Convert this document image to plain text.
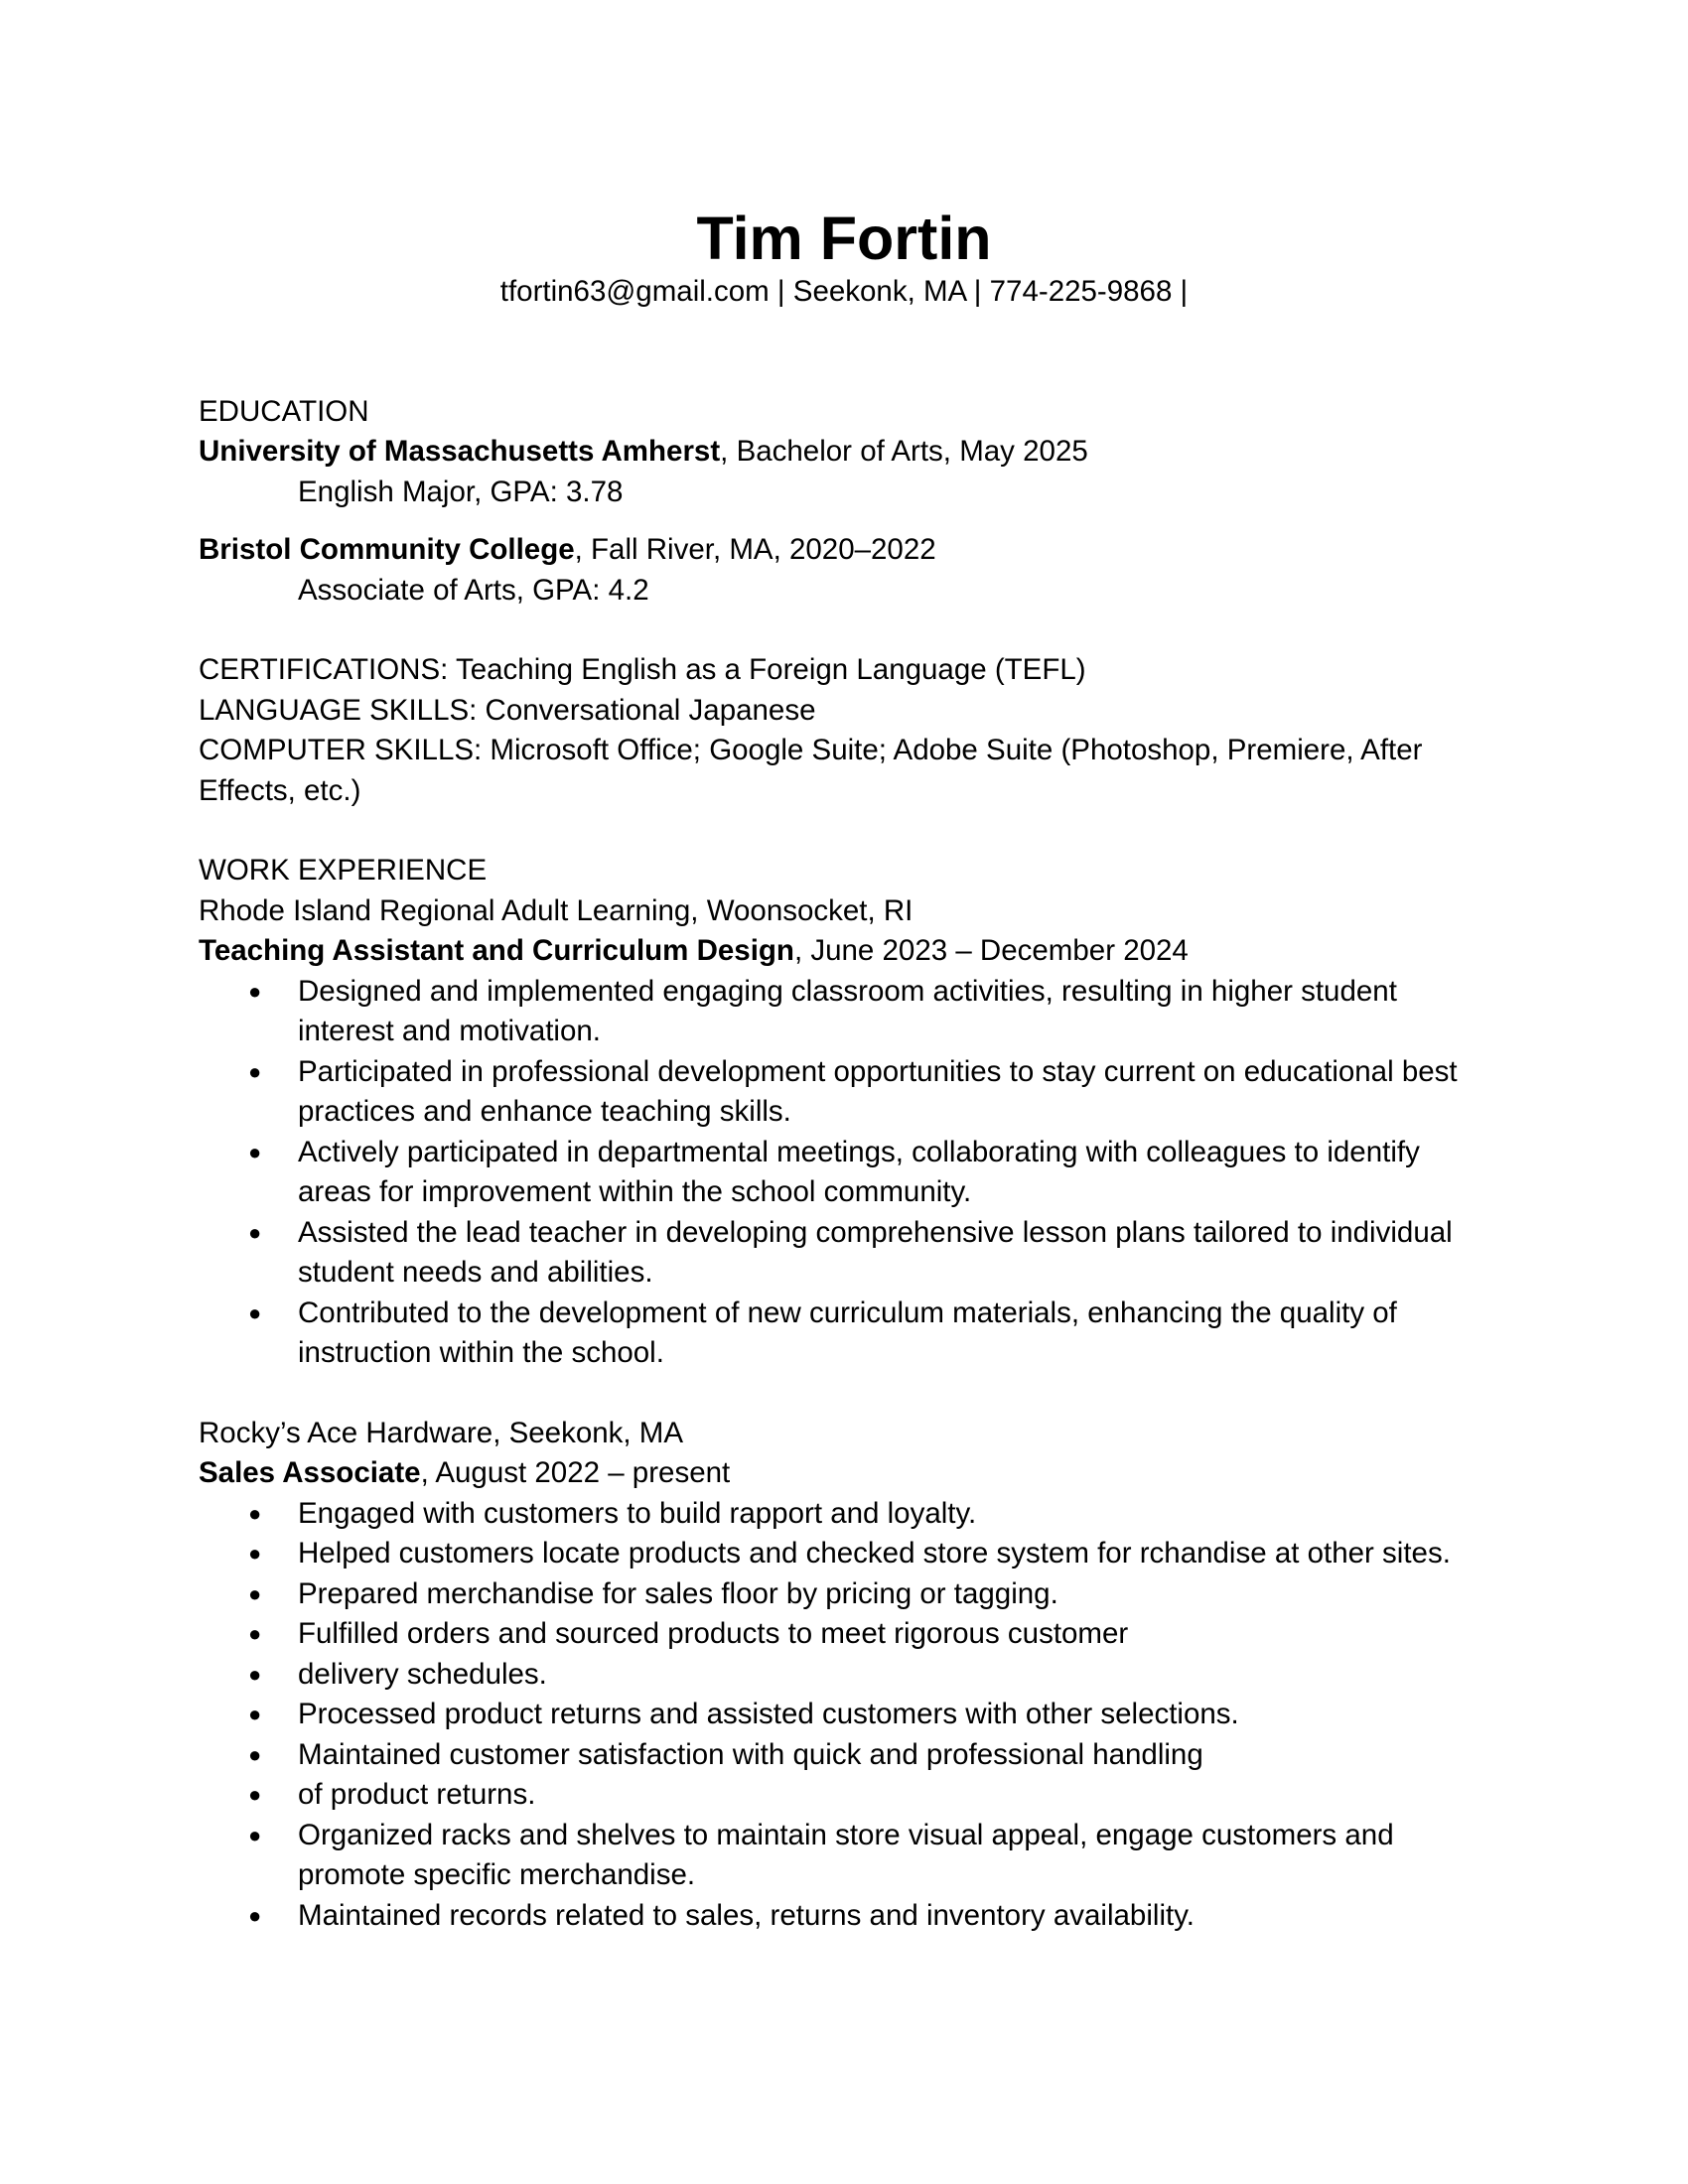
Tim Fortin
tfortin63@gmail.com | Seekonk, MA | 774-225-9868 |
EDUCATION
University of Massachusetts Amherst, Bachelor of Arts, May 2025
English Major, GPA: 3.78
Bristol Community College, Fall River, MA, 2020–2022
Associate of Arts, GPA: 4.2
CERTIFICATIONS: Teaching English as a Foreign Language (TEFL)
LANGUAGE SKILLS: Conversational Japanese
COMPUTER SKILLS: Microsoft Office; Google Suite; Adobe Suite (Photoshop, Premiere, After Effects, etc.)
WORK EXPERIENCE
Rhode Island Regional Adult Learning, Woonsocket, RI
Teaching Assistant and Curriculum Design, June 2023 – December 2024
● Designed and implemented engaging classroom activities, resulting in higher student interest and motivation.
● Participated in professional development opportunities to stay current on educational best practices and enhance teaching skills.
● Actively participated in departmental meetings, collaborating with colleagues to identify areas for improvement within the school community.
● Assisted the lead teacher in developing comprehensive lesson plans tailored to individual student needs and abilities.
● Contributed to the development of new curriculum materials, enhancing the quality of instruction within the school.
Rocky’s Ace Hardware, Seekonk, MA
Sales Associate, August 2022 – present
● Engaged with customers to build rapport and loyalty.
● Helped customers locate products and checked store system for rchandise at other sites.
● Prepared merchandise for sales floor by pricing or tagging.
● Fulfilled orders and sourced products to meet rigorous customer
● delivery schedules.
● Processed product returns and assisted customers with other selections.
● Maintained customer satisfaction with quick and professional handling
● of product returns.
● Organized racks and shelves to maintain store visual appeal, engage customers and promote specific merchandise.
● Maintained records related to sales, returns and inventory availability.
